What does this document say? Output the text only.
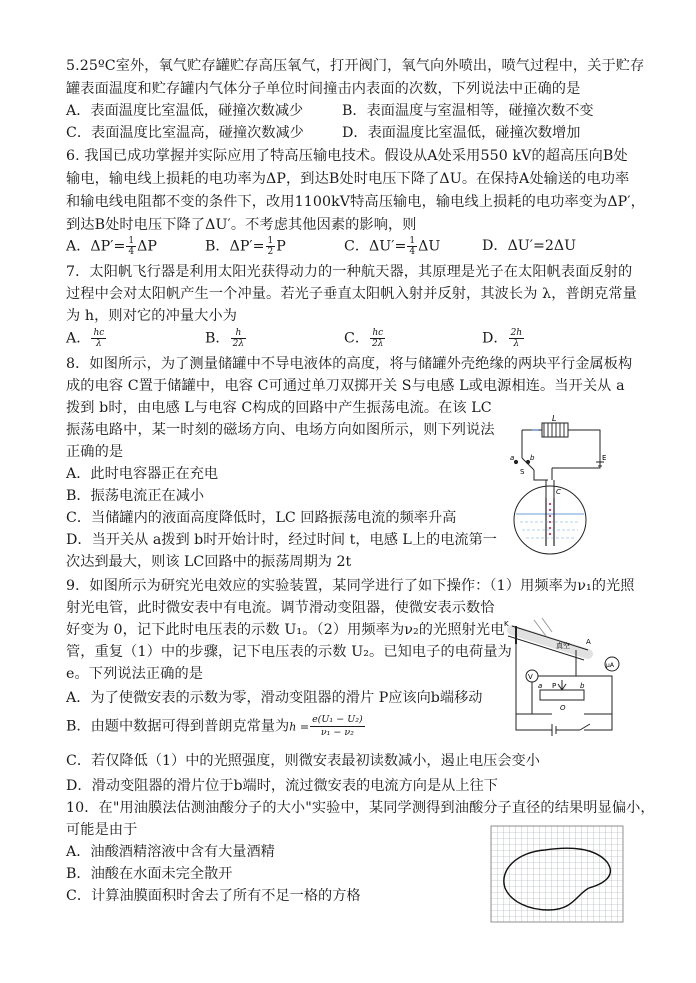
5.25ºC室外，氧气贮存罐贮存高压氧气，打开阀门，氧气向外喷出，喷气过程中，关于贮存
罐表面温度和贮存罐内气体分子单位时间撞击内表面的次数，下列说法中正确的是
A．表面温度比室温低，碰撞次数减少	B．表面温度与室温相等，碰撞次数不变
C．表面温度比室温高，碰撞次数减少	D．表面温度比室温低，碰撞次数增加
6. 我国已成功掌握并实际应用了特高压输电技术。假设从A处采用550 kV的超高压向B处
输电，输电线上损耗的电功率为ΔP，到达B处时电压下降了ΔU。在保持A处输送的电功率
和输电线电阻都不变的条件下，改用1100kV特高压输电，输电线上损耗的电功率变为ΔP′，
到达B处时电压下降了ΔU′。不考虑其他因素的影响，则
A．$\Delta P'= \frac{1}{4}$ ΔP	B．$\Delta P'= \frac{1}{2}$ P	C．$\Delta U'= \frac{1}{4}$ ΔU	D．ΔU′=2ΔU
7．太阳帆飞行器是利用太阳光获得动力的一种航天器，其原理是光子在太阳帆表面反射的
过程中会对太阳帆产生一个冲量。若光子垂直太阳帆入射并反射，其波长为 λ，普朗克常量
为 h，则对它的冲量大小为
A． $\frac{hc}{\lambda}$	B． $\frac{h}{2\lambda}$	C． $\frac{hc}{2\lambda}$	D． $\frac{2h}{\lambda}$
8．如图所示，为了测量储罐中不导电液体的高度，将与储罐外壳绝缘的两块平行金属板构
成的电容 C置于储罐中，电容 C可通过单刀双掷开关 S与电感 L或电源相连。当开关从 a
拨到 b时，由电感 L与电容 C构成的回路中产生振荡电流。在该 LC
振荡电路中，某一时刻的磁场方向、电场方向如图所示，则下列说法
正确的是
A．此时电容器正在充电
B．振荡电流正在减小
C．当储罐内的液面高度降低时，LC 回路振荡电流的频率升高
D．当开关从 a拨到 b时开始计时，经过时间 t，电感 L上的电流第一
次达到最大，则该 LC回路中的振荡周期为 2t
L
a b
S
E
C
9．如图所示为研究光电效应的实验装置，某同学进行了如下操作：（1）用频率为ν₁的光照
射光电管，此时微安表中有电流。调节滑动变阻器，使微安表示数恰
好变为 0，记下此时电压表的示数 U₁。（2）用频率为ν₂的光照射光电
管，重复（1）中的步骤，记下电压表的示数 U₂。已知电子的电荷量为
e。下列说法正确的是
A．为了使微安表的示数为零，滑动变阻器的滑片 P应该向b端移动
B．由题中数据可得到普朗克常量为$h = \frac{\text{e(U₁ − U₂)}}{\text{ν₁ − ν₂}}$
C．若仅降低（1）中的光照强度，则微安表最初读数减小，遏止电压会变小
D．滑动变阻器的滑片位于b端时，流过微安表的电流方向是从上往下
K
A
真空
V
μA
a P	b
O
10．在"用油膜法估测油酸分子的大小"实验中，某同学测得到油酸分子直径的结果明显偏小，
可能是由于
A．油酸酒精溶液中含有大量酒精
B．油酸在水面未完全散开
C．计算油膜面积时舍去了所有不足一格的方格
